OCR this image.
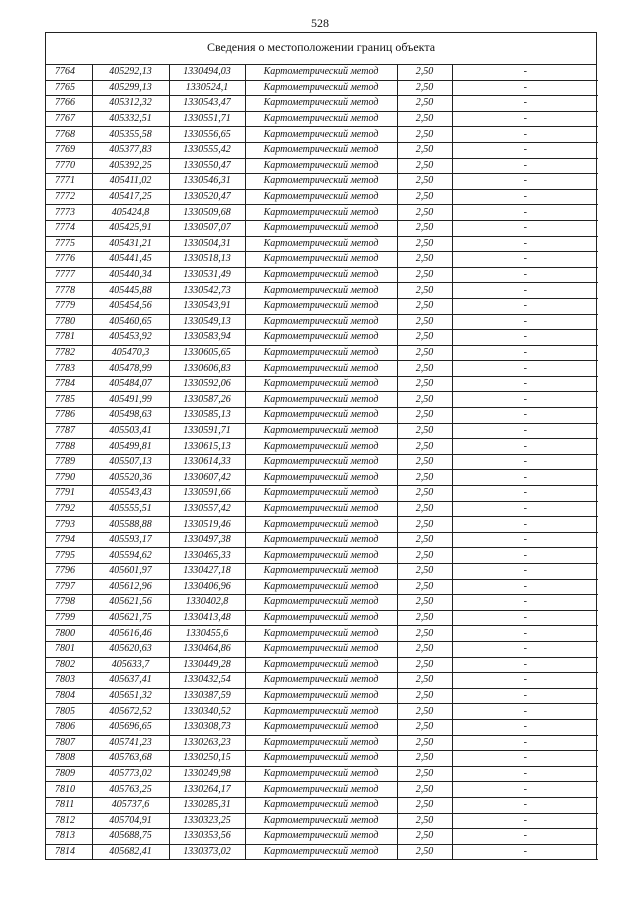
528
Сведения о местоположении границ объекта
7764	405292,13	1330494,03	Картометрический метод	2,50	-
7765	405299,13	1330524,1	Картометрический метод	2,50	-
7766	405312,32	1330543,47	Картометрический метод	2,50	-
7767	405332,51	1330551,71	Картометрический метод	2,50	-
7768	405355,58	1330556,65	Картометрический метод	2,50	-
7769	405377,83	1330555,42	Картометрический метод	2,50	-
7770	405392,25	1330550,47	Картометрический метод	2,50	-
7771	405411,02	1330546,31	Картометрический метод	2,50	-
7772	405417,25	1330520,47	Картометрический метод	2,50	-
7773	405424,8	1330509,68	Картометрический метод	2,50	-
7774	405425,91	1330507,07	Картометрический метод	2,50	-
7775	405431,21	1330504,31	Картометрический метод	2,50	-
7776	405441,45	1330518,13	Картометрический метод	2,50	-
7777	405440,34	1330531,49	Картометрический метод	2,50	-
7778	405445,88	1330542,73	Картометрический метод	2,50	-
7779	405454,56	1330543,91	Картометрический метод	2,50	-
7780	405460,65	1330549,13	Картометрический метод	2,50	-
7781	405453,92	1330583,94	Картометрический метод	2,50	-
7782	405470,3	1330605,65	Картометрический метод	2,50	-
7783	405478,99	1330606,83	Картометрический метод	2,50	-
7784	405484,07	1330592,06	Картометрический метод	2,50	-
7785	405491,99	1330587,26	Картометрический метод	2,50	-
7786	405498,63	1330585,13	Картометрический метод	2,50	-
7787	405503,41	1330591,71	Картометрический метод	2,50	-
7788	405499,81	1330615,13	Картометрический метод	2,50	-
7789	405507,13	1330614,33	Картометрический метод	2,50	-
7790	405520,36	1330607,42	Картометрический метод	2,50	-
7791	405543,43	1330591,66	Картометрический метод	2,50	-
7792	405555,51	1330557,42	Картометрический метод	2,50	-
7793	405588,88	1330519,46	Картометрический метод	2,50	-
7794	405593,17	1330497,38	Картометрический метод	2,50	-
7795	405594,62	1330465,33	Картометрический метод	2,50	-
7796	405601,97	1330427,18	Картометрический метод	2,50	-
7797	405612,96	1330406,96	Картометрический метод	2,50	-
7798	405621,56	1330402,8	Картометрический метод	2,50	-
7799	405621,75	1330413,48	Картометрический метод	2,50	-
7800	405616,46	1330455,6	Картометрический метод	2,50	-
7801	405620,63	1330464,86	Картометрический метод	2,50	-
7802	405633,7	1330449,28	Картометрический метод	2,50	-
7803	405637,41	1330432,54	Картометрический метод	2,50	-
7804	405651,32	1330387,59	Картометрический метод	2,50	-
7805	405672,52	1330340,52	Картометрический метод	2,50	-
7806	405696,65	1330308,73	Картометрический метод	2,50	-
7807	405741,23	1330263,23	Картометрический метод	2,50	-
7808	405763,68	1330250,15	Картометрический метод	2,50	-
7809	405773,02	1330249,98	Картометрический метод	2,50	-
7810	405763,25	1330264,17	Картометрический метод	2,50	-
7811	405737,6	1330285,31	Картометрический метод	2,50	-
7812	405704,91	1330323,25	Картометрический метод	2,50	-
7813	405688,75	1330353,56	Картометрический метод	2,50	-
7814	405682,41	1330373,02	Картометрический метод	2,50	-
